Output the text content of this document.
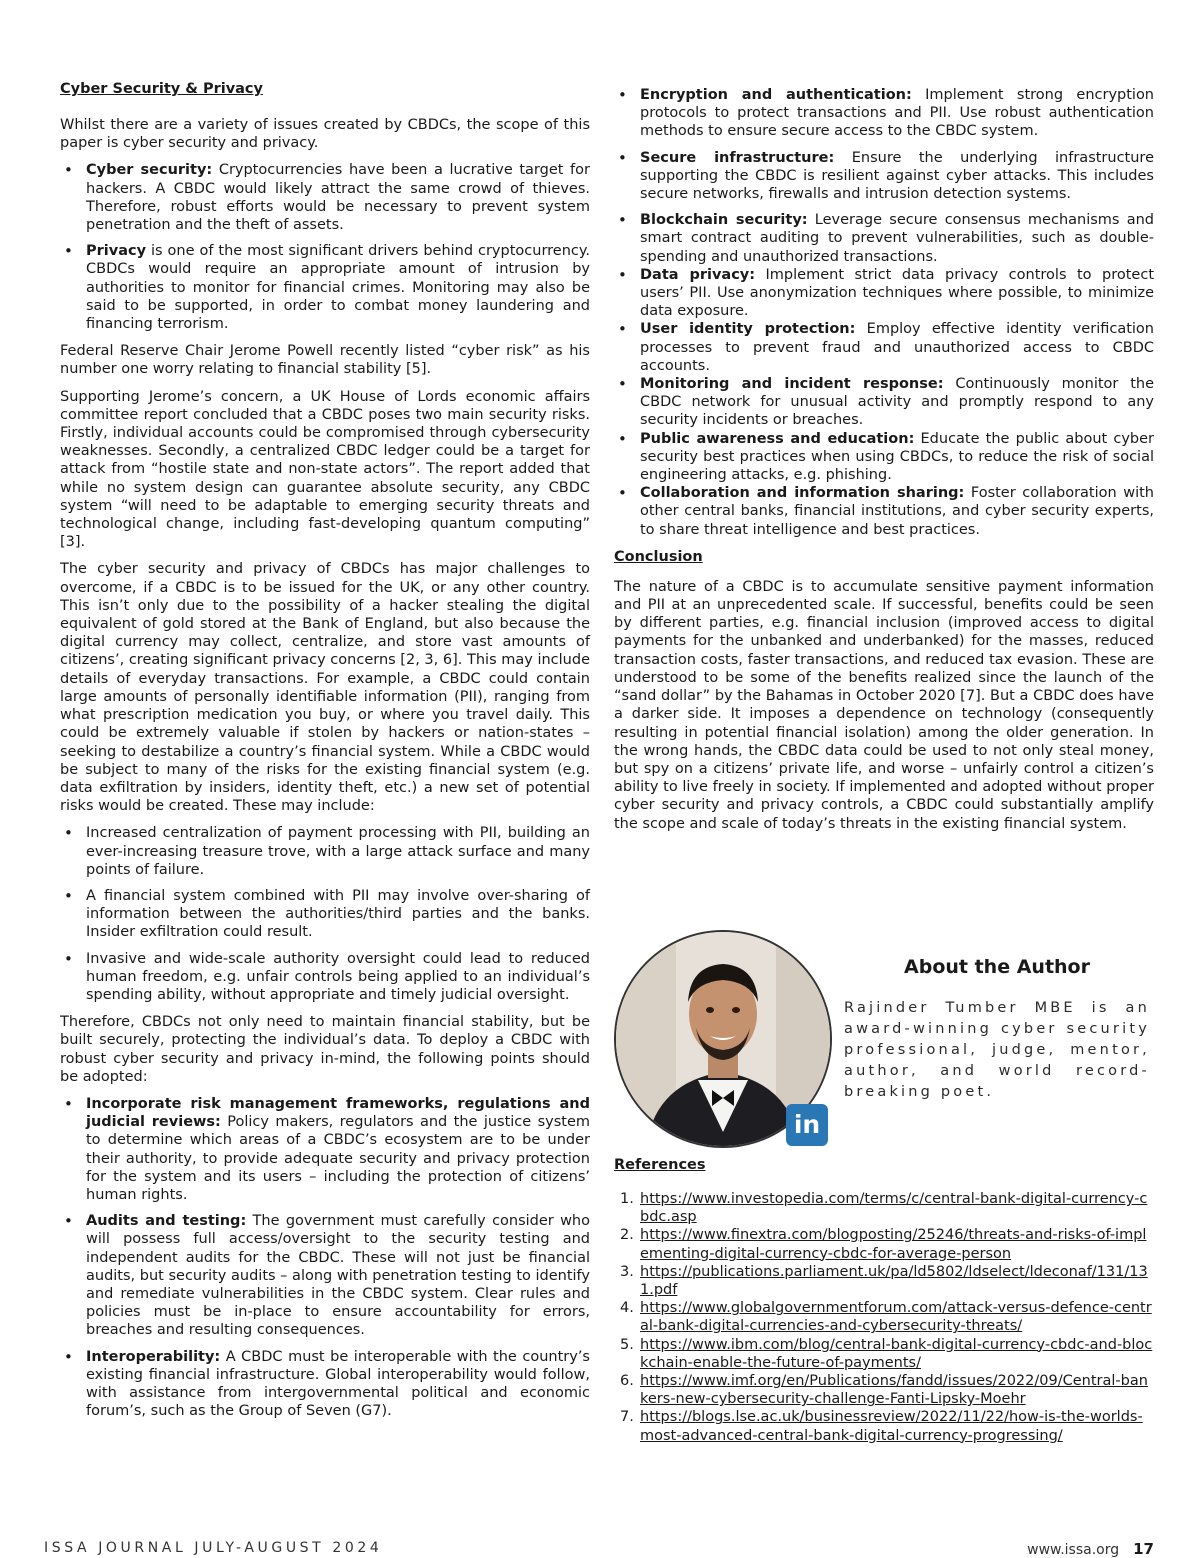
Cyber Security & Privacy

Whilst there are a variety of issues created by CBDCs, the scope of this paper is cyber security and privacy.

• Cyber security: Cryptocurrencies have been a lucrative target for hackers. A CBDC would likely attract the same crowd of thieves. Therefore, robust efforts would be necessary to prevent system penetration and the theft of assets.
• Privacy is one of the most significant drivers behind cryptocurrency. CBDCs would require an appropriate amount of intrusion by authorities to monitor for financial crimes. Monitoring may also be said to be supported, in order to combat money laundering and financing terrorism.

Federal Reserve Chair Jerome Powell recently listed “cyber risk” as his number one worry relating to financial stability [5].

Supporting Jerome’s concern, a UK House of Lords economic affairs committee report concluded that a CBDC poses two main security risks. Firstly, individual accounts could be compromised through cybersecurity weaknesses. Secondly, a centralized CBDC ledger could be a target for attack from “hostile state and non-state actors”. The report added that while no system design can guarantee absolute security, any CBDC system “will need to be adaptable to emerging security threats and technological change, including fast-developing quantum computing” [3].

The cyber security and privacy of CBDCs has major challenges to overcome, if a CBDC is to be issued for the UK, or any other country. This isn’t only due to the possibility of a hacker stealing the digital equivalent of gold stored at the Bank of England, but also because the digital currency may collect, centralize, and store vast amounts of citizens’, creating significant privacy concerns [2, 3, 6]. This may include details of everyday transactions. For example, a CBDC could contain large amounts of personally identifiable information (PII), ranging from what prescription medication you buy, or where you travel daily. This could be extremely valuable if stolen by hackers or nation-states – seeking to destabilize a country’s financial system. While a CBDC would be subject to many of the risks for the existing financial system (e.g. data exfiltration by insiders, identity theft, etc.) a new set of potential risks would be created. These may include:

• Increased centralization of payment processing with PII, building an ever-increasing treasure trove, with a large attack surface and many points of failure.
• A financial system combined with PII may involve over-sharing of information between the authorities/third parties and the banks. Insider exfiltration could result.
• Invasive and wide-scale authority oversight could lead to reduced human freedom, e.g. unfair controls being applied to an individual’s spending ability, without appropriate and timely judicial oversight.

Therefore, CBDCs not only need to maintain financial stability, but be built securely, protecting the individual’s data. To deploy a CBDC with robust cyber security and privacy in-mind, the following points should be adopted:

• Incorporate risk management frameworks, regulations and judicial reviews: Policy makers, regulators and the justice system to determine which areas of a CBDC’s ecosystem are to be under their authority, to provide adequate security and privacy protection for the system and its users – including the protection of citizens’ human rights.
• Audits and testing: The government must carefully consider who will possess full access/oversight to the security testing and independent audits for the CBDC. These will not just be financial audits, but security audits – along with penetration testing to identify and remediate vulnerabilities in the CBDC system. Clear rules and policies must be in-place to ensure accountability for errors, breaches and resulting consequences.
• Interoperability: A CBDC must be interoperable with the country’s existing financial infrastructure. Global interoperability would follow, with assistance from intergovernmental political and economic forum’s, such as the Group of Seven (G7).
• Encryption and authentication: Implement strong encryption protocols to protect transactions and PII. Use robust authentication methods to ensure secure access to the CBDC system.
• Secure infrastructure: Ensure the underlying infrastructure supporting the CBDC is resilient against cyber attacks. This includes secure networks, firewalls and intrusion detection systems.
• Blockchain security: Leverage secure consensus mechanisms and smart contract auditing to prevent vulnerabilities, such as double-spending and unauthorized transactions.
• Data privacy: Implement strict data privacy controls to protect users’ PII. Use anonymization techniques where possible, to minimize data exposure.
• User identity protection: Employ effective identity verification processes to prevent fraud and unauthorized access to CBDC accounts.
• Monitoring and incident response: Continuously monitor the CBDC network for unusual activity and promptly respond to any security incidents or breaches.
• Public awareness and education: Educate the public about cyber security best practices when using CBDCs, to reduce the risk of social engineering attacks, e.g. phishing.
• Collaboration and information sharing: Foster collaboration with other central banks, financial institutions, and cyber security experts, to share threat intelligence and best practices.
Conclusion

The nature of a CBDC is to accumulate sensitive payment information and PII at an unprecedented scale. If successful, benefits could be seen by different parties, e.g. financial inclusion (improved access to digital payments for the unbanked and underbanked) for the masses, reduced transaction costs, faster transactions, and reduced tax evasion. These are understood to be some of the benefits realized since the launch of the “sand dollar” by the Bahamas in October 2020 [7]. But a CBDC does have a darker side. It imposes a dependence on technology (consequently resulting in potential financial isolation) among the older generation. In the wrong hands, the CBDC data could be used to not only steal money, but spy on a citizens’ private life, and worse – unfairly control a citizen’s ability to live freely in society. If implemented and adopted without proper cyber security and privacy controls, a CBDC could substantially amplify the scope and scale of today’s threats in the existing financial system.

in
About the Author
Rajinder Tumber MBE is an award-winning cyber security professional, judge, mentor, author, and world record-breaking poet.
References
1. https://www.investopedia.com/terms/c/central-bank-digital-currency-cbdc.asp
2. https://www.finextra.com/blogposting/25246/threats-and-risks-of-implementing-digital-currency-cbdc-for-average-person
3. https://publications.parliament.uk/pa/ld5802/ldselect/ldeconaf/131/131.pdf
4. https://www.globalgovernmentforum.com/attack-versus-defence-central-bank-digital-currencies-and-cybersecurity-threats/
5. https://www.ibm.com/blog/central-bank-digital-currency-cbdc-and-blockchain-enable-the-future-of-payments/
6. https://www.imf.org/en/Publications/fandd/issues/2022/09/Central-bankers-new-cybersecurity-challenge-Fanti-Lipsky-Moehr
7. https://blogs.lse.ac.uk/businessreview/2022/11/22/how-is-the-worlds-most-advanced-central-bank-digital-currency-progressing/
ISSA JOURNAL JULY-AUGUST 2024	www.issa.org 17
